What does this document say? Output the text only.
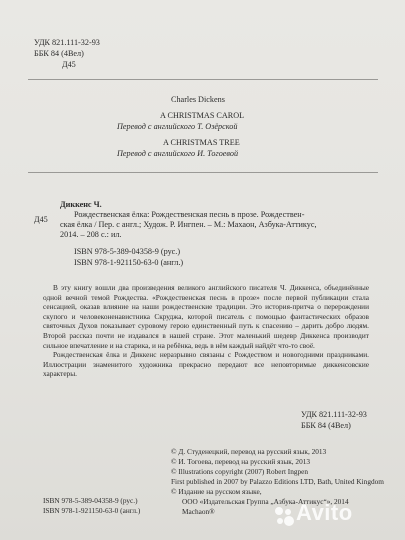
УДК 821.111-32-93
ББК 84 (4Вел)
Д45
Charles Dickens
A CHRISTMAS CAROL
Перевод с английского Т. Озёрской
A CHRISTMAS TREE
Перевод с английского И. Тогоевой
Д45
Диккенс Ч.
Рождественская ёлка: Рождественская песнь в прозе. Рождествен-
ская ёлка / Пер. с англ.; Худож. Р. Ингпен. – М.: Махаон, Азбука-Аттикус,
2014. – 208 с.: ил.
ISBN 978-5-389-04358-9 (рус.)
ISBN 978-1-921150-63-0 (англ.)

В эту книгу вошли два произведения великого английского писателя Ч. Диккенса, объединённые одной вечной темой Рождества. «Рождественская песнь в прозе» после первой публикации стала сенсацией, оказав влияние на наши рождественские традиции. Это история-притча о перерождении скупого и человеконенавистника Скруджа, которой писатель с помощью фантастических образов святочных Духов показывает суровому герою единственный путь к спасению – дарить добро людям. Второй рассказ почти не издавался в нашей стране. Этот маленький шедевр Диккенса производит сильное впечатление и на старика, и на ребёнка, ведь в нём каждый найдёт что-то своё.

Рождественская ёлка и Диккенс неразрывно связаны с Рождеством и новогодними праздниками. Иллюстрации знаменитого художника прекрасно передают все неповторимые диккенсовские характеры.

УДК 821.111-32-93
ББК 84 (4Вел)
© Д. Студенецкий, перевод на русский язык, 2013
© И. Тогоева, перевод на русский язык, 2013
© Illustrations copyright (2007) Robert Ingpen
First published in 2007 by Palazzo Editions LTD, Bath, United Kingdom
© Издание на русском языке,
ООО «Издательская Группа „Азбука-Аттикус“», 2014
Machaon®
ISBN 978-5-389-04358-9 (рус.)
ISBN 978-1-921150-63-0 (англ.)	Avito
